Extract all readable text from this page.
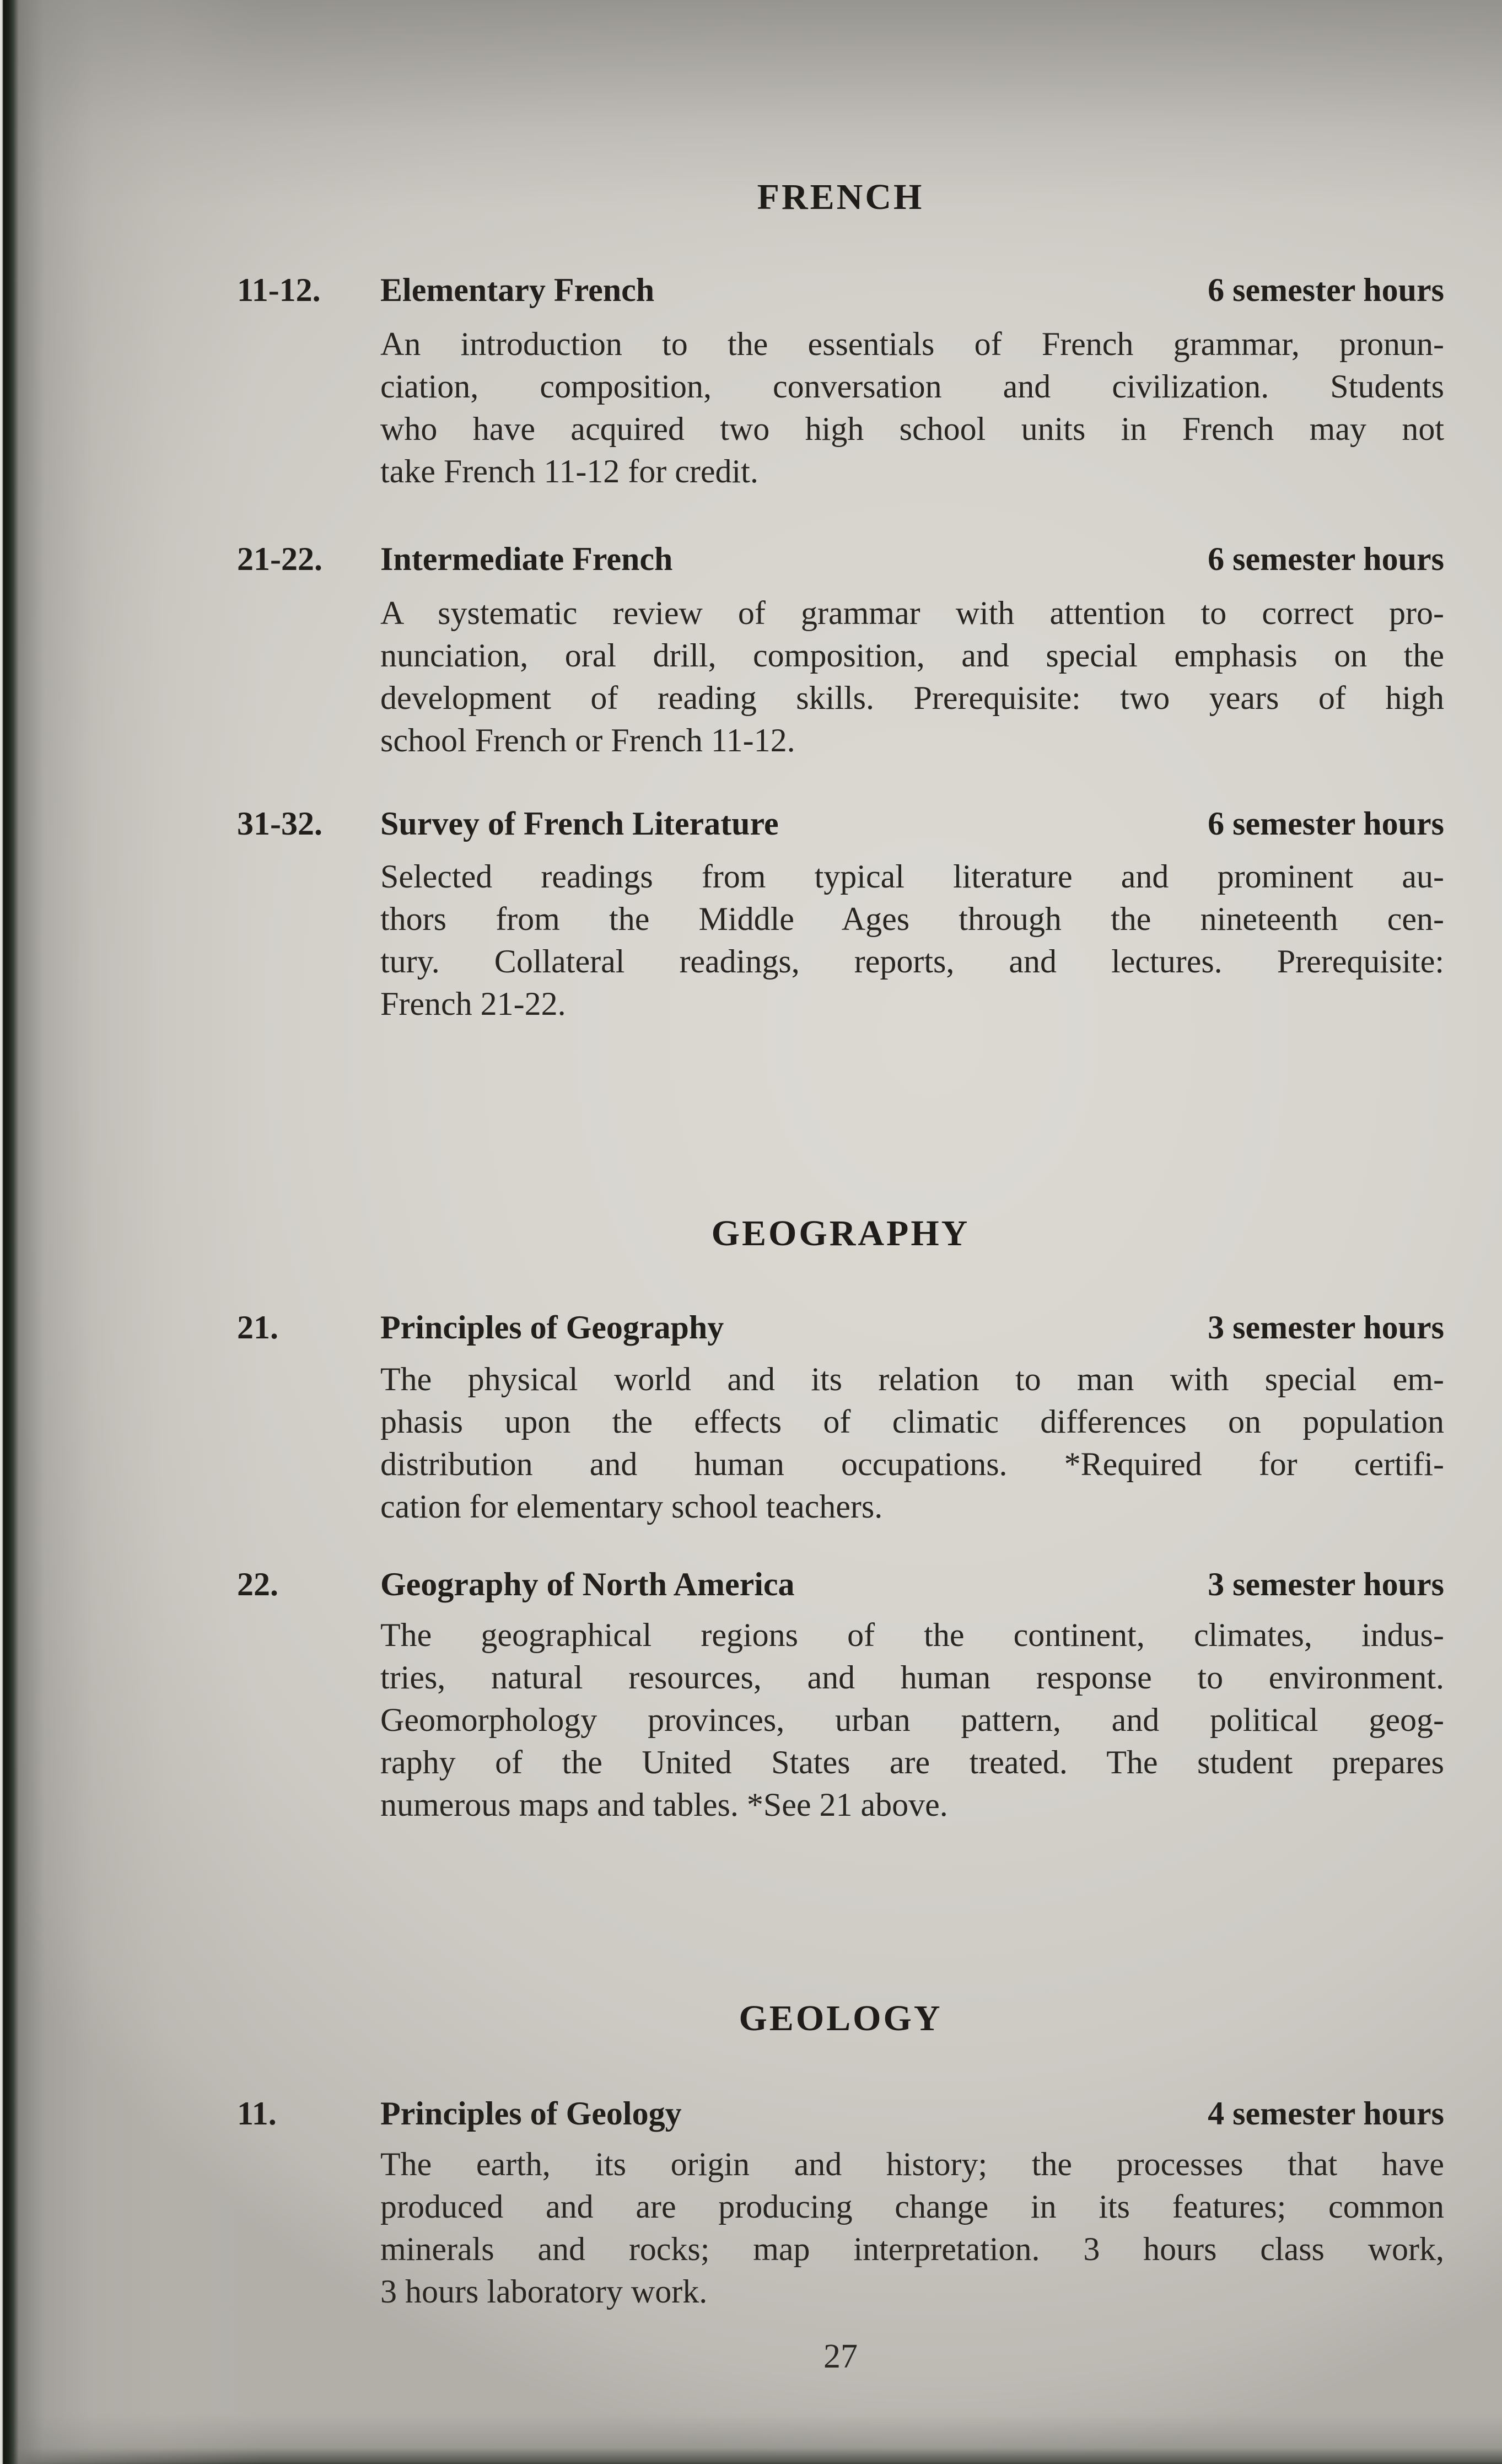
FRENCH
11-12. Elementary French	6 semester hours
An introduction to the essentials of French grammar, pronun-
ciation, composition, conversation and civilization. Students
who have acquired two high school units in French may not
take French 11-12 for credit.
21-22. Intermediate French	6 semester hours
A systematic review of grammar with attention to correct pro-
nunciation, oral drill, composition, and special emphasis on the
development of reading skills. Prerequisite: two years of high
school French or French 11-12.
31-32. Survey of French Literature	6 semester hours
Selected readings from typical literature and prominent au-
thors from the Middle Ages through the nineteenth cen-
tury. Collateral readings, reports, and lectures. Prerequisite:
French 21-22.
GEOGRAPHY
21.	Principles of Geography	3 semester hours
The physical world and its relation to man with special em-
phasis upon the effects of climatic differences on population
distribution and human occupations. *Required for certifi-
cation for elementary school teachers.
22.	Geography of North America	3 semester hours
The geographical regions of the continent, climates, indus-
tries, natural resources, and human response to environment.
Geomorphology provinces, urban pattern, and political geog-
raphy of the United States are treated. The student prepares
numerous maps and tables. *See 21 above.
GEOLOGY
11.	Principles of Geology	4 semester hours
The earth, its origin and history; the processes that have
produced and are producing change in its features; common
minerals and rocks; map interpretation. 3 hours class work,
3 hours laboratory work.
27
